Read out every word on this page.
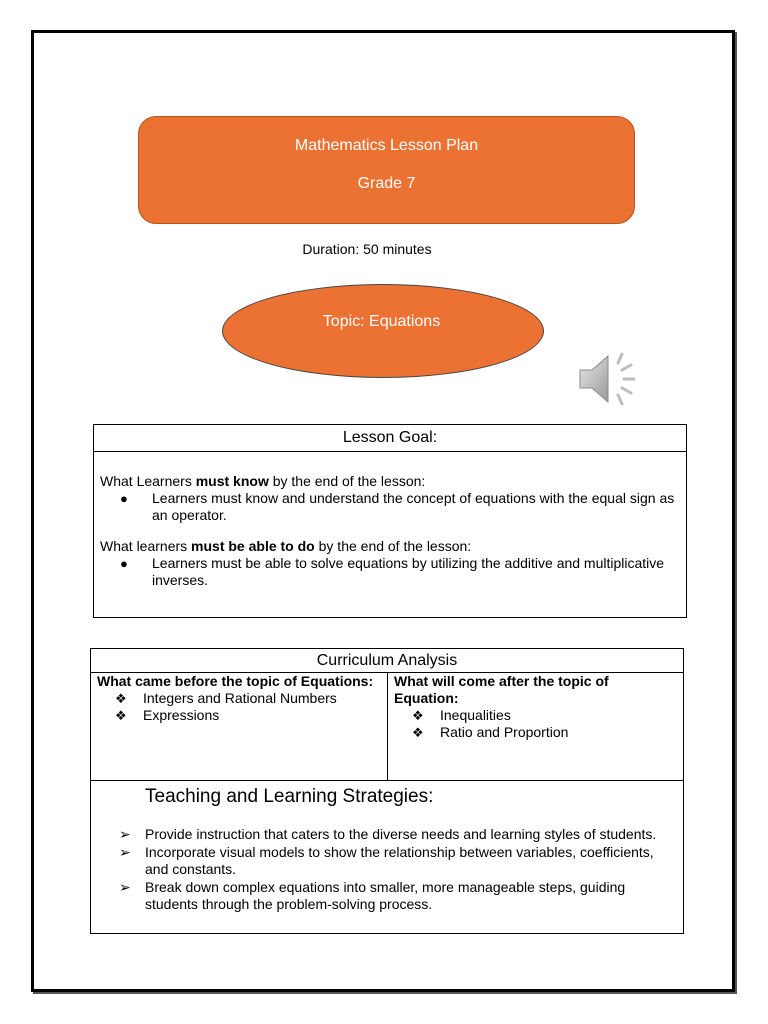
Mathematics Lesson Plan
Grade 7
Duration: 50 minutes
Topic: Equations
Lesson Goal:

What Learners must know by the end of the lesson:

●	Learners must know and understand the concept of equations with the equal sign as an operator.

What learners must be able to do by the end of the lesson:

●	Learners must be able to solve equations by utilizing the additive and multiplicative inverses.
Curriculum Analysis

What came before the topic of Equations:

❖	Integers and Rational Numbers
❖	Expressions

What will come after the topic of Equation:

❖	Inequalities
❖	Ratio and Proportion
Teaching and Learning Strategies:
➢	Provide instruction that caters to the diverse needs and learning styles of students.
➢	Incorporate visual models to show the relationship between variables, coefficients, and constants.
➢	Break down complex equations into smaller, more manageable steps, guiding students through the problem-solving process.
